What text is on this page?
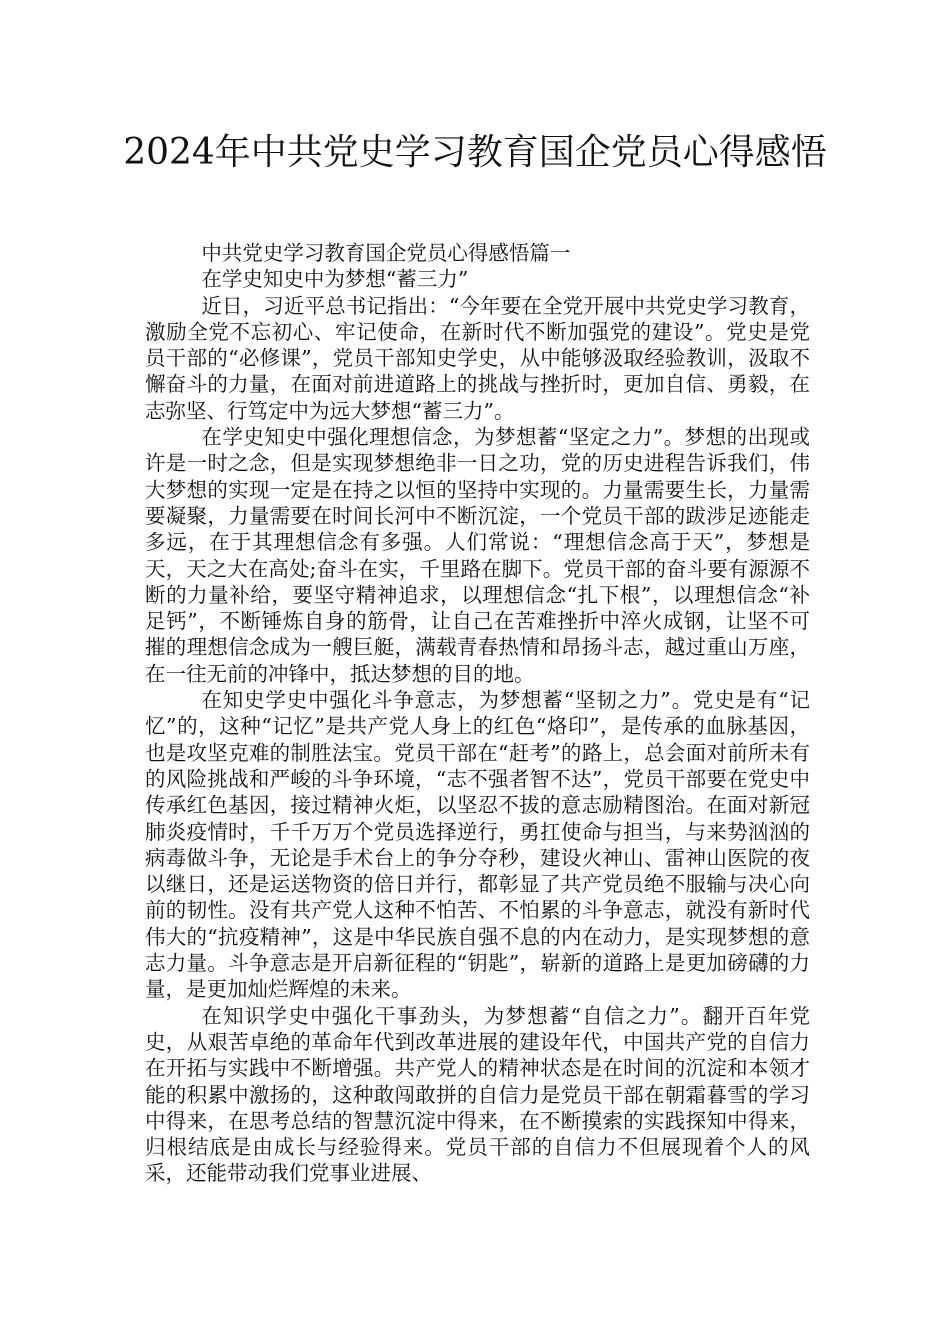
2024年中共党史学习教育国企党员心得感悟

中共党史学习教育国企党员心得感悟篇一

在学史知史中为梦想“蓄三力”

近日，习近平总书记指出：“今年要在全党开展中共党史学习教育，激励全党不忘初心、牢记使命，在新时代不断加强党的建设”。党史是党员干部的“必修课”，党员干部知史学史，从中能够汲取经验教训，汲取不懈奋斗的力量，在面对前进道路上的挑战与挫折时，更加自信、勇毅，在志弥坚、行笃定中为远大梦想“蓄三力”。

在学史知史中强化理想信念，为梦想蓄“坚定之力”。梦想的出现或许是一时之念，但是实现梦想绝非一日之功，党的历史进程告诉我们，伟大梦想的实现一定是在持之以恒的坚持中实现的。力量需要生长，力量需要凝聚，力量需要在时间长河中不断沉淀，一个党员干部的跋涉足迹能走多远，在于其理想信念有多强。人们常说：“理想信念高于天”，梦想是天，天之大在高处;奋斗在实，千里路在脚下。党员干部的奋斗要有源源不断的力量补给，要坚守精神追求，以理想信念“扎下根”，以理想信念“补足钙”，不断锤炼自身的筋骨，让自己在苦难挫折中淬火成钢，让坚不可摧的理想信念成为一艘巨艇，满载青春热情和昂扬斗志，越过重山万座，在一往无前的冲锋中，抵达梦想的目的地。

在知史学史中强化斗争意志，为梦想蓄“坚韧之力”。党史是有“记忆”的，这种“记忆”是共产党人身上的红色“烙印”，是传承的血脉基因，也是攻坚克难的制胜法宝。党员干部在“赶考”的路上，总会面对前所未有的风险挑战和严峻的斗争环境，“志不强者智不达”，党员干部要在党史中传承红色基因，接过精神火炬，以坚忍不拔的意志励精图治。在面对新冠肺炎疫情时，千千万万个党员选择逆行，勇扛使命与担当，与来势汹汹的病毒做斗争，无论是手术台上的争分夺秒，建设火神山、雷神山医院的夜以继日，还是运送物资的倍日并行，都彰显了共产党员绝不服输与决心向前的韧性。没有共产党人这种不怕苦、不怕累的斗争意志，就没有新时代伟大的“抗疫精神”，这是中华民族自强不息的内在动力，是实现梦想的意志力量。斗争意志是开启新征程的“钥匙”，崭新的道路上是更加磅礴的力量，是更加灿烂辉煌的未来。

在知识学史中强化干事劲头，为梦想蓄“自信之力”。翻开百年党史，从艰苦卓绝的革命年代到改革进展的建设年代，中国共产党的自信力在开拓与实践中不断增强。共产党人的精神状态是在时间的沉淀和本领才能的积累中激扬的，这种敢闯敢拼的自信力是党员干部在朝霜暮雪的学习中得来，在思考总结的智慧沉淀中得来，在不断摸索的实践探知中得来，归根结底是由成长与经验得来。党员干部的自信力不但展现着个人的风采，还能带动我们党事业进展、
